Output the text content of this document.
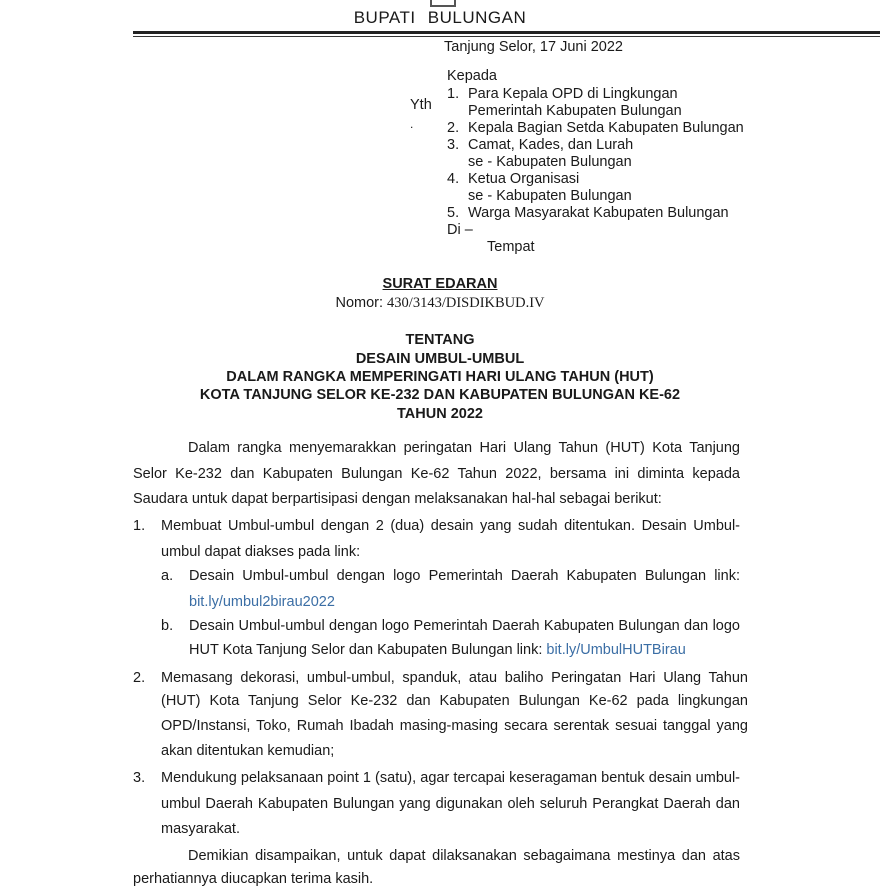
BUPATI BULUNGAN
Tanjung Selor, 17 Juni 2022
Kepada
Yth
.
1. Para Kepala OPD di Lingkungan
Pemerintah Kabupaten Bulungan
2. Kepala Bagian Setda Kabupaten Bulungan
3. Camat, Kades, dan Lurah
se - Kabupaten Bulungan
4. Ketua Organisasi
se - Kabupaten Bulungan
5. Warga Masyarakat Kabupaten Bulungan
Di –
Tempat
SURAT EDARAN
Nomor: 430/3143/DISDIKBUD.IV
TENTANG
DESAIN UMBUL-UMBUL
DALAM RANGKA MEMPERINGATI HARI ULANG TAHUN (HUT)
KOTA TANJUNG SELOR KE-232 DAN KABUPATEN BULUNGAN KE-62
TAHUN 2022
Dalam rangka menyemarakkan peringatan Hari Ulang Tahun (HUT) Kota Tanjung
Selor Ke-232 dan Kabupaten Bulungan Ke-62 Tahun 2022, bersama ini diminta kepada
Saudara untuk dapat berpartisipasi dengan melaksanakan hal-hal sebagai berikut:
1. Membuat Umbul-umbul dengan 2 (dua) desain yang sudah ditentukan. Desain Umbul-
umbul dapat diakses pada link:
a. Desain Umbul-umbul dengan logo Pemerintah Daerah Kabupaten Bulungan link:
bit.ly/umbul2birau2022
b. Desain Umbul-umbul dengan logo Pemerintah Daerah Kabupaten Bulungan dan logo
HUT Kota Tanjung Selor dan Kabupaten Bulungan link: bit.ly/UmbulHUTBirau
2. Memasang dekorasi, umbul-umbul, spanduk, atau baliho Peringatan Hari Ulang Tahun
(HUT) Kota Tanjung Selor Ke-232 dan Kabupaten Bulungan Ke-62 pada lingkungan
OPD/Instansi, Toko, Rumah Ibadah masing-masing secara serentak sesuai tanggal yang
akan ditentukan kemudian;
3. Mendukung pelaksanaan point 1 (satu), agar tercapai keseragaman bentuk desain umbul-
umbul Daerah Kabupaten Bulungan yang digunakan oleh seluruh Perangkat Daerah dan
masyarakat.
Demikian disampaikan, untuk dapat dilaksanakan sebagaimana mestinya dan atas
perhatiannya diucapkan terima kasih.
